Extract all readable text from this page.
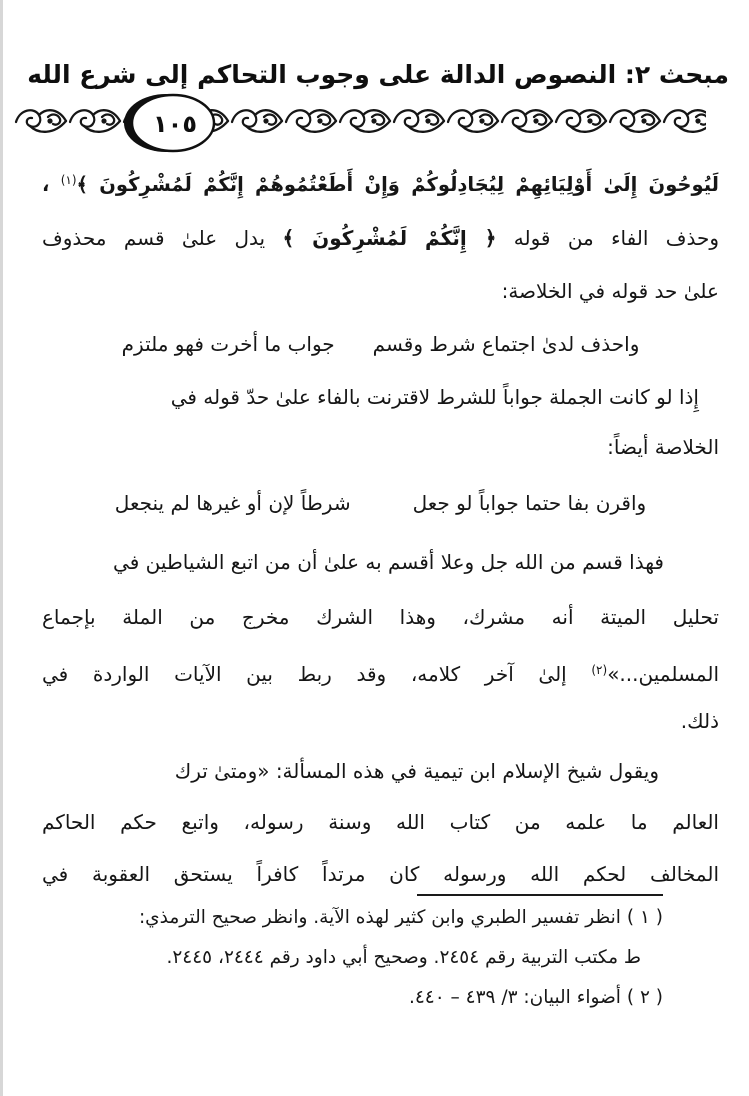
مبحث ٢: النصوص الدالة على وجوب التحاكم إلى شرع الله
١٠٥

لَيُوحُونَ إِلَىٰ أَوْلِيَائِهِمْ لِيُجَادِلُوكُمْ وَإِنْ أَطَعْتُمُوهُمْ إِنَّكُمْ لَمُشْرِكُونَ ﴾$^{(١)}$ ،

وحذف الفاء من قوله ﴿ إِنَّكُمْ لَمُشْرِكُونَ ﴾ يدل علىٰ قسم محذوف

علىٰ حد قوله في الخلاصة:

واحذف لدىٰ اجتماع شرط وقسم
جواب ما أخرت فهو ملتزم

إِذا لو كانت الجملة جواباً للشرط لاقترنت بالفاء علىٰ حدّ قوله في

الخلاصة أيضاً:

واقرن بفا حتما جواباً لو جعل
شرطاً لإن أو غيرها لم ينجعل

فهذا قسم من الله جل وعلا أقسم به علىٰ أن من اتبع الشياطين في

تحليل الميتة أنه مشرك، وهذا الشرك مخرج من الملة بإجماع

المسلمين...»$^{(٢)}$ إلىٰ آخر كلامه، وقد ربط بين الآيات الواردة في

ذلك.

ويقول شيخ الإسلام ابن تيمية في هذه المسألة: «ومتىٰ ترك

العالم ما علمه من كتاب الله وسنة رسوله، واتبع حكم الحاكم

المخالف لحكم الله ورسوله كان مرتداً كافراً يستحق العقوبة في

( ١ ) انظر تفسير الطبري وابن كثير لهذه الآية. وانظر صحيح الترمذي:

ط مكتب التربية رقم ٢٤٥٤. وصحيح أبي داود رقم ٢٤٤٤، ٢٤٤٥.

( ٢ ) أضواء البيان: ٣/ ٤٣٩ – ٤٤٠.
